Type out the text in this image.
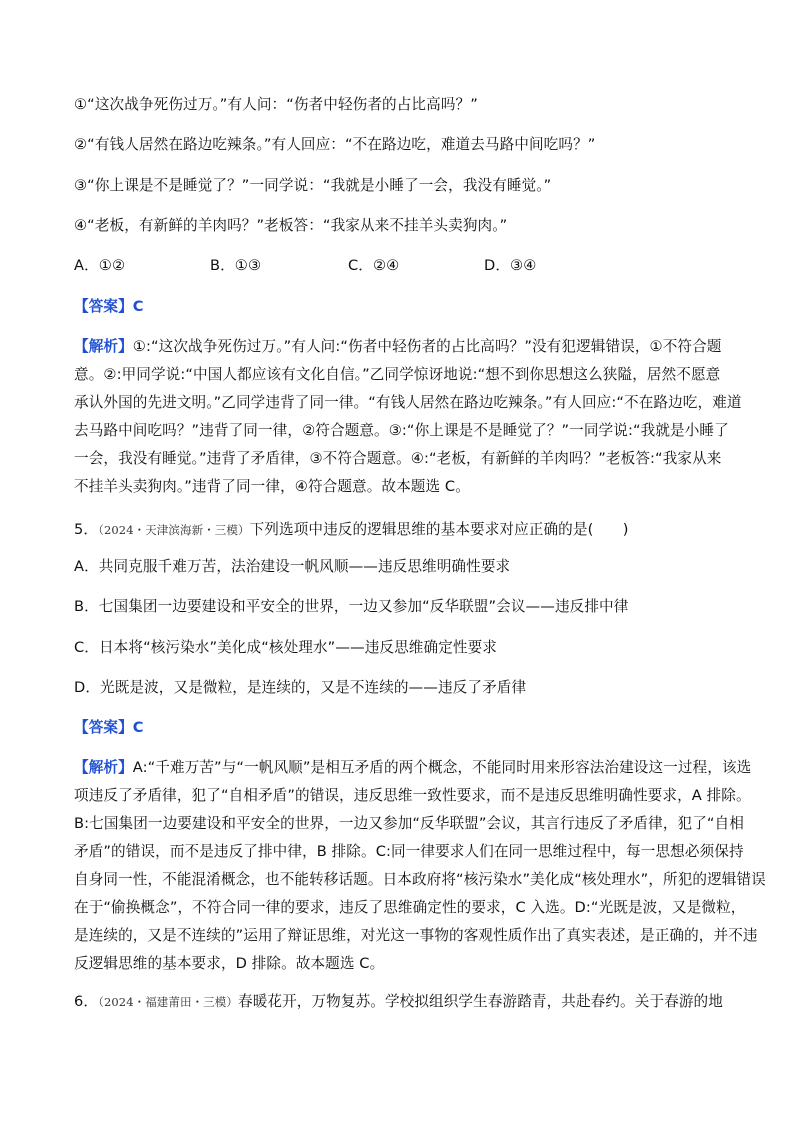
①“这次战争死伤过万。”有人问：“伤者中轻伤者的占比高吗？”
②“有钱人居然在路边吃辣条。”有人回应：“不在路边吃，难道去马路中间吃吗？”
③“你上课是不是睡觉了？”一同学说：“我就是小睡了一会，我没有睡觉。”
④“老板，有新鲜的羊肉吗？”老板答：“我家从来不挂羊头卖狗肉。”
A．①②	B．①③	C．②④	D．③④
【答案】C
【解析】①:“这次战争死伤过万。”有人问:“伤者中轻伤者的占比高吗？”没有犯逻辑错误，①不符合题
意。②:甲同学说:“中国人都应该有文化自信。”乙同学惊讶地说:“想不到你思想这么狭隘，居然不愿意
承认外国的先进文明。”乙同学违背了同一律。“有钱人居然在路边吃辣条。”有人回应:“不在路边吃，难道
去马路中间吃吗？”违背了同一律，②符合题意。③:“你上课是不是睡觉了？”一同学说:“我就是小睡了
一会，我没有睡觉。”违背了矛盾律，③不符合题意。④:“老板，有新鲜的羊肉吗？”老板答:“我家从来
不挂羊头卖狗肉。”违背了同一律，④符合题意。故本题选 C。
5．（2024・天津滨海新・三模）下列选项中违反的逻辑思维的基本要求对应正确的是(　　)
A．共同克服千难万苦，法治建设一帆风顺——违反思维明确性要求
B．七国集团一边要建设和平安全的世界，一边又参加“反华联盟”会议——违反排中律
C．日本将“核污染水”美化成“核处理水”——违反思维确定性要求
D．光既是波，又是微粒，是连续的，又是不连续的——违反了矛盾律
【答案】C
【解析】A:“千难万苦”与“一帆风顺”是相互矛盾的两个概念，不能同时用来形容法治建设这一过程，该选
项违反了矛盾律，犯了“自相矛盾”的错误，违反思维一致性要求，而不是违反思维明确性要求，A 排除。
B:七国集团一边要建设和平安全的世界，一边又参加“反华联盟”会议，其言行违反了矛盾律，犯了“自相
矛盾”的错误，而不是违反了排中律，B 排除。C:同一律要求人们在同一思维过程中，每一思想必须保持
自身同一性，不能混淆概念，也不能转移话题。日本政府将“核污染水”美化成“核处理水”，所犯的逻辑错误
在于“偷换概念”，不符合同一律的要求，违反了思维确定性的要求，C 入选。D:“光既是波，又是微粒，
是连续的，又是不连续的”运用了辩证思维，对光这一事物的客观性质作出了真实表述，是正确的，并不违
反逻辑思维的基本要求，D 排除。故本题选 C。
6．（2024・福建莆田・三模）春暖花开，万物复苏。学校拟组织学生春游踏青，共赴春约。关于春游的地
